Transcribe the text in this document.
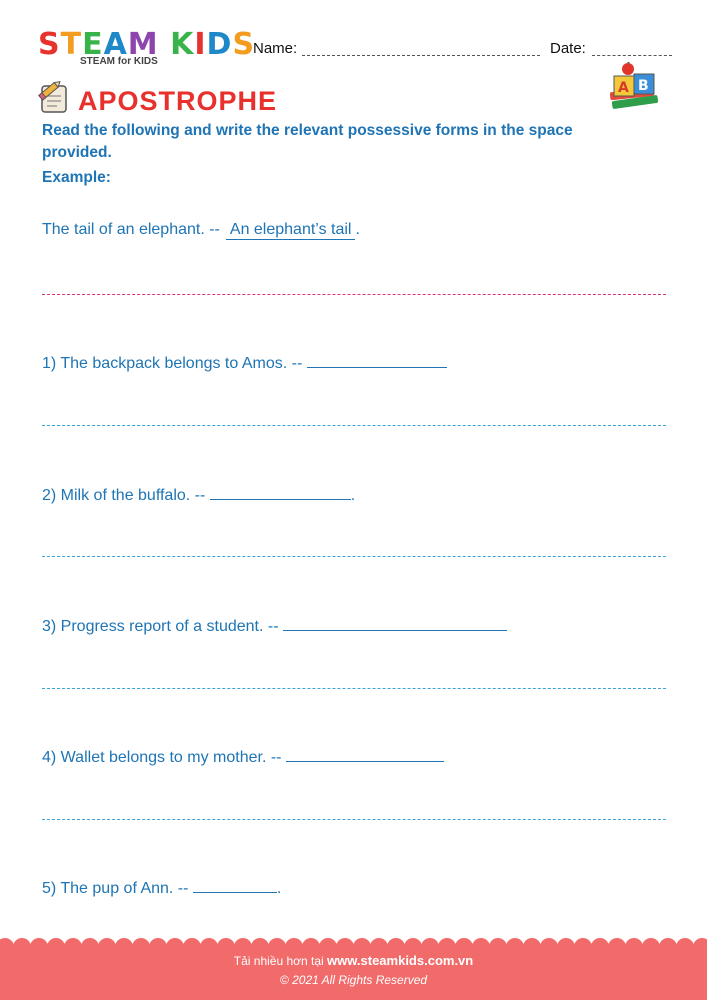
STEAM KIDS
STEAM for KIDS
Name:	Date:
APOSTROPHE	A B
Read the following and write the relevant possessive forms in the space provided.
Example:
The tail of an elephant. -- An elephant’s tail .
1) The backpack belongs to Amos. --
2) Milk of the buffalo. --	.
3) Progress report of a student. --
4) Wallet belongs to my mother. --
5) The pup of Ann. --	.
Tải nhiều hơn tại www.steamkids.com.vn
© 2021 All Rights Reserved
